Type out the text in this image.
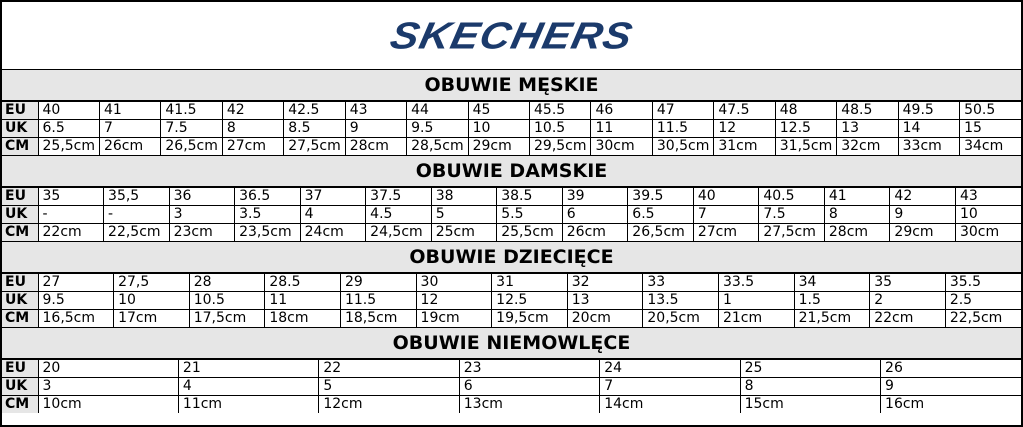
SKECHERS
OBUWIE MĘSKIE
EU	40	41	41.5	42	42.5	43	44	45	45.5	46	47	47.5	48	48.5	49.5	50.5
UK	6.5	7	7.5	8	8.5	9	9.5	10	10.5	11	11.5	12	12.5	13	14	15
CM	25,5cm	26cm	26,5cm	27cm	27,5cm	28cm	28,5cm	29cm	29,5cm	30cm	30,5cm	31cm	31,5cm	32cm	33cm	34cm
OBUWIE DAMSKIE
EU	35	35,5	36	36.5	37	37.5	38	38.5	39	39.5	40	40.5	41	42	43
UK	-	-	3	3.5	4	4.5	5	5.5	6	6.5	7	7.5	8	9	10
CM	22cm	22,5cm	23cm	23,5cm	24cm	24,5cm	25cm	25,5cm	26cm	26,5cm	27cm	27,5cm	28cm	29cm	30cm
OBUWIE DZIECIĘCE
EU	27	27,5	28	28.5	29	30	31	32	33	33.5	34	35	35.5
UK	9.5	10	10.5	11	11.5	12	12.5	13	13.5	1	1.5	2	2.5
CM	16,5cm	17cm	17,5cm	18cm	18,5cm	19cm	19,5cm	20cm	20,5cm	21cm	21,5cm	22cm	22,5cm
OBUWIE NIEMOWLĘCE
EU	20	21	22	23	24	25	26
UK	3	4	5	6	7	8	9
CM	10cm	11cm	12cm	13cm	14cm	15cm	16cm
